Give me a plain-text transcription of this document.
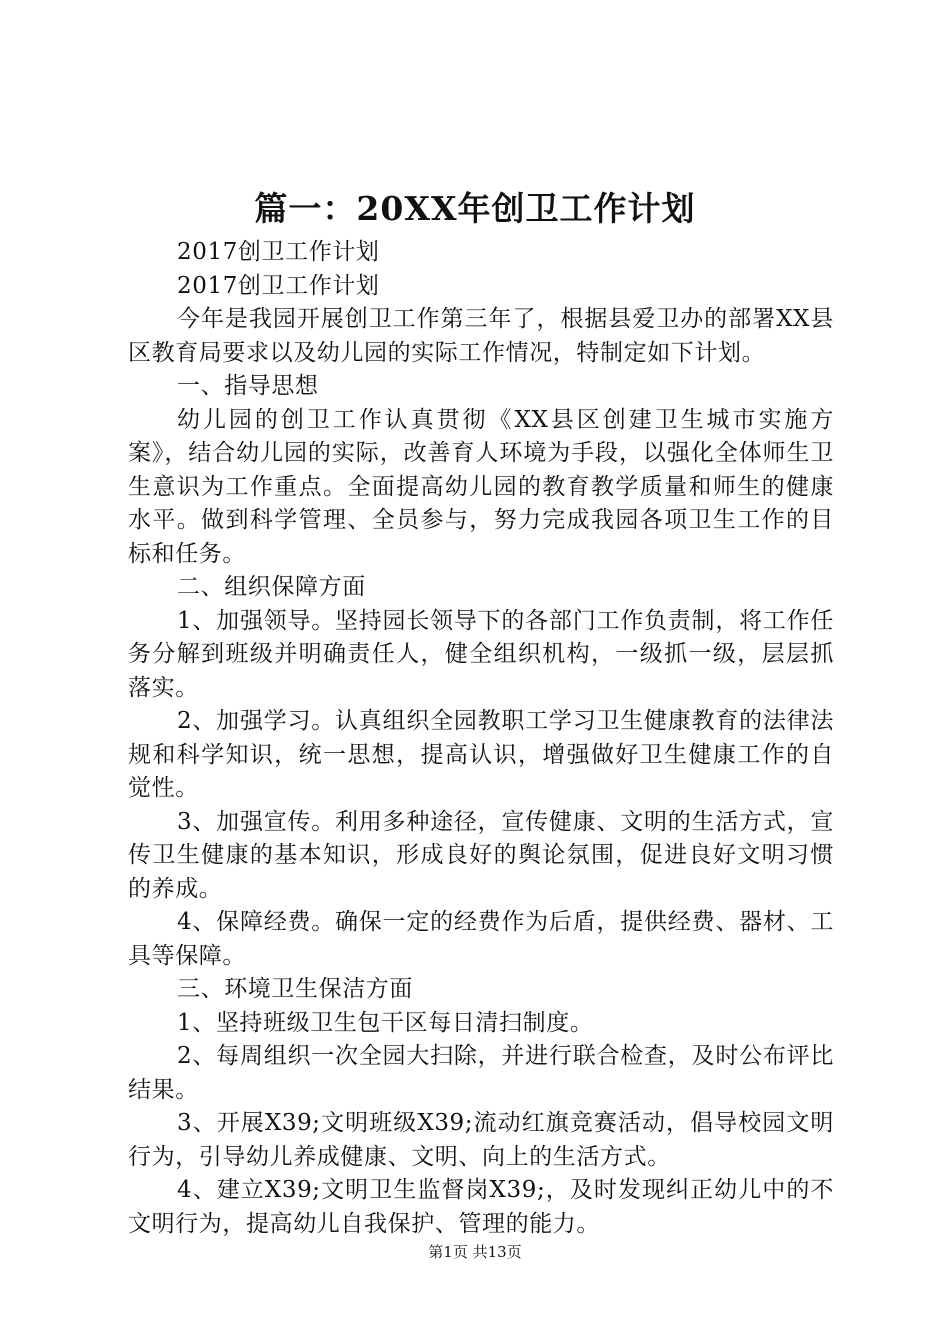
篇一：20XX年创卫工作计划

2017创卫工作计划

2017创卫工作计划

今年是我园开展创卫工作第三年了，根据县爱卫办的部署XX县区教育局要求以及幼儿园的实际工作情况，特制定如下计划。

一、指导思想

幼儿园的创卫工作认真贯彻《XX县区创建卫生城市实施方案》，结合幼儿园的实际，改善育人环境为手段，以强化全体师生卫生意识为工作重点。全面提高幼儿园的教育教学质量和师生的健康水平。做到科学管理、全员参与，努力完成我园各项卫生工作的目标和任务。

二、组织保障方面

1、加强领导。坚持园长领导下的各部门工作负责制，将工作任务分解到班级并明确责任人，健全组织机构，一级抓一级，层层抓落实。

2、加强学习。认真组织全园教职工学习卫生健康教育的法律法规和科学知识，统一思想，提高认识，增强做好卫生健康工作的自觉性。

3、加强宣传。利用多种途径，宣传健康、文明的生活方式，宣传卫生健康的基本知识，形成良好的舆论氛围，促进良好文明习惯的养成。

4、保障经费。确保一定的经费作为后盾，提供经费、器材、工具等保障。

三、环境卫生保洁方面

1、坚持班级卫生包干区每日清扫制度。

2、每周组织一次全园大扫除，并进行联合检查，及时公布评比结果。

3、开展X39;文明班级X39;流动红旗竞赛活动，倡导校园文明行为，引导幼儿养成健康、文明、向上的生活方式。

4、建立X39;文明卫生监督岗X39;，及时发现纠正幼儿中的不文明行为，提高幼儿自我保护、管理的能力。

第1页 共13页
